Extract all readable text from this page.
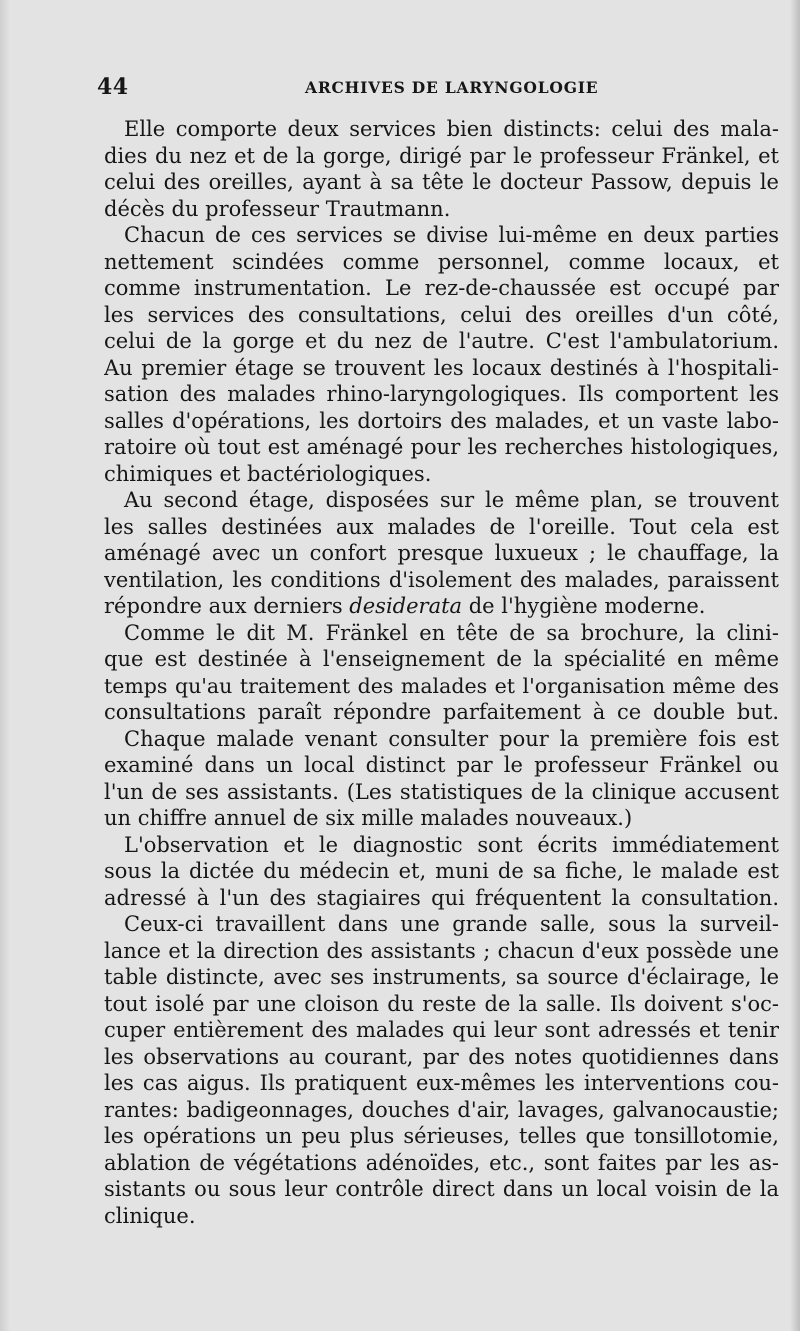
44	ARCHIVES DE LARYNGOLOGIE
Elle comporte deux services bien distincts: celui des mala-
dies du nez et de la gorge, dirigé par le professeur Fränkel, et
celui des oreilles, ayant à sa tête le docteur Passow, depuis le
décès du professeur Trautmann.
Chacun de ces services se divise lui-même en deux parties
nettement scindées comme personnel, comme locaux, et
comme instrumentation. Le rez-de-chaussée est occupé par
les services des consultations, celui des oreilles d'un côté,
celui de la gorge et du nez de l'autre. C'est l'ambulatorium.
Au premier étage se trouvent les locaux destinés à l'hospitali-
sation des malades rhino-laryngologiques. Ils comportent les
salles d'opérations, les dortoirs des malades, et un vaste labo-
ratoire où tout est aménagé pour les recherches histologiques,
chimiques et bactériologiques.
Au second étage, disposées sur le même plan, se trouvent
les salles destinées aux malades de l'oreille. Tout cela est
aménagé avec un confort presque luxueux ; le chauffage, la
ventilation, les conditions d'isolement des malades, paraissent
répondre aux derniers desiderata de l'hygiène moderne.
Comme le dit M. Fränkel en tête de sa brochure, la clini-
que est destinée à l'enseignement de la spécialité en même
temps qu'au traitement des malades et l'organisation même des
consultations paraît répondre parfaitement à ce double but.
Chaque malade venant consulter pour la première fois est
examiné dans un local distinct par le professeur Fränkel ou
l'un de ses assistants. (Les statistiques de la clinique accusent
un chiffre annuel de six mille malades nouveaux.)
L'observation et le diagnostic sont écrits immédiatement
sous la dictée du médecin et, muni de sa fiche, le malade est
adressé à l'un des stagiaires qui fréquentent la consultation.
Ceux-ci travaillent dans une grande salle, sous la surveil-
lance et la direction des assistants ; chacun d'eux possède une
table distincte, avec ses instruments, sa source d'éclairage, le
tout isolé par une cloison du reste de la salle. Ils doivent s'oc-
cuper entièrement des malades qui leur sont adressés et tenir
les observations au courant, par des notes quotidiennes dans
les cas aigus. Ils pratiquent eux-mêmes les interventions cou-
rantes: badigeonnages, douches d'air, lavages, galvanocaustie;
les opérations un peu plus sérieuses, telles que tonsillotomie,
ablation de végétations adénoïdes, etc., sont faites par les as-
sistants ou sous leur contrôle direct dans un local voisin de la
clinique.
